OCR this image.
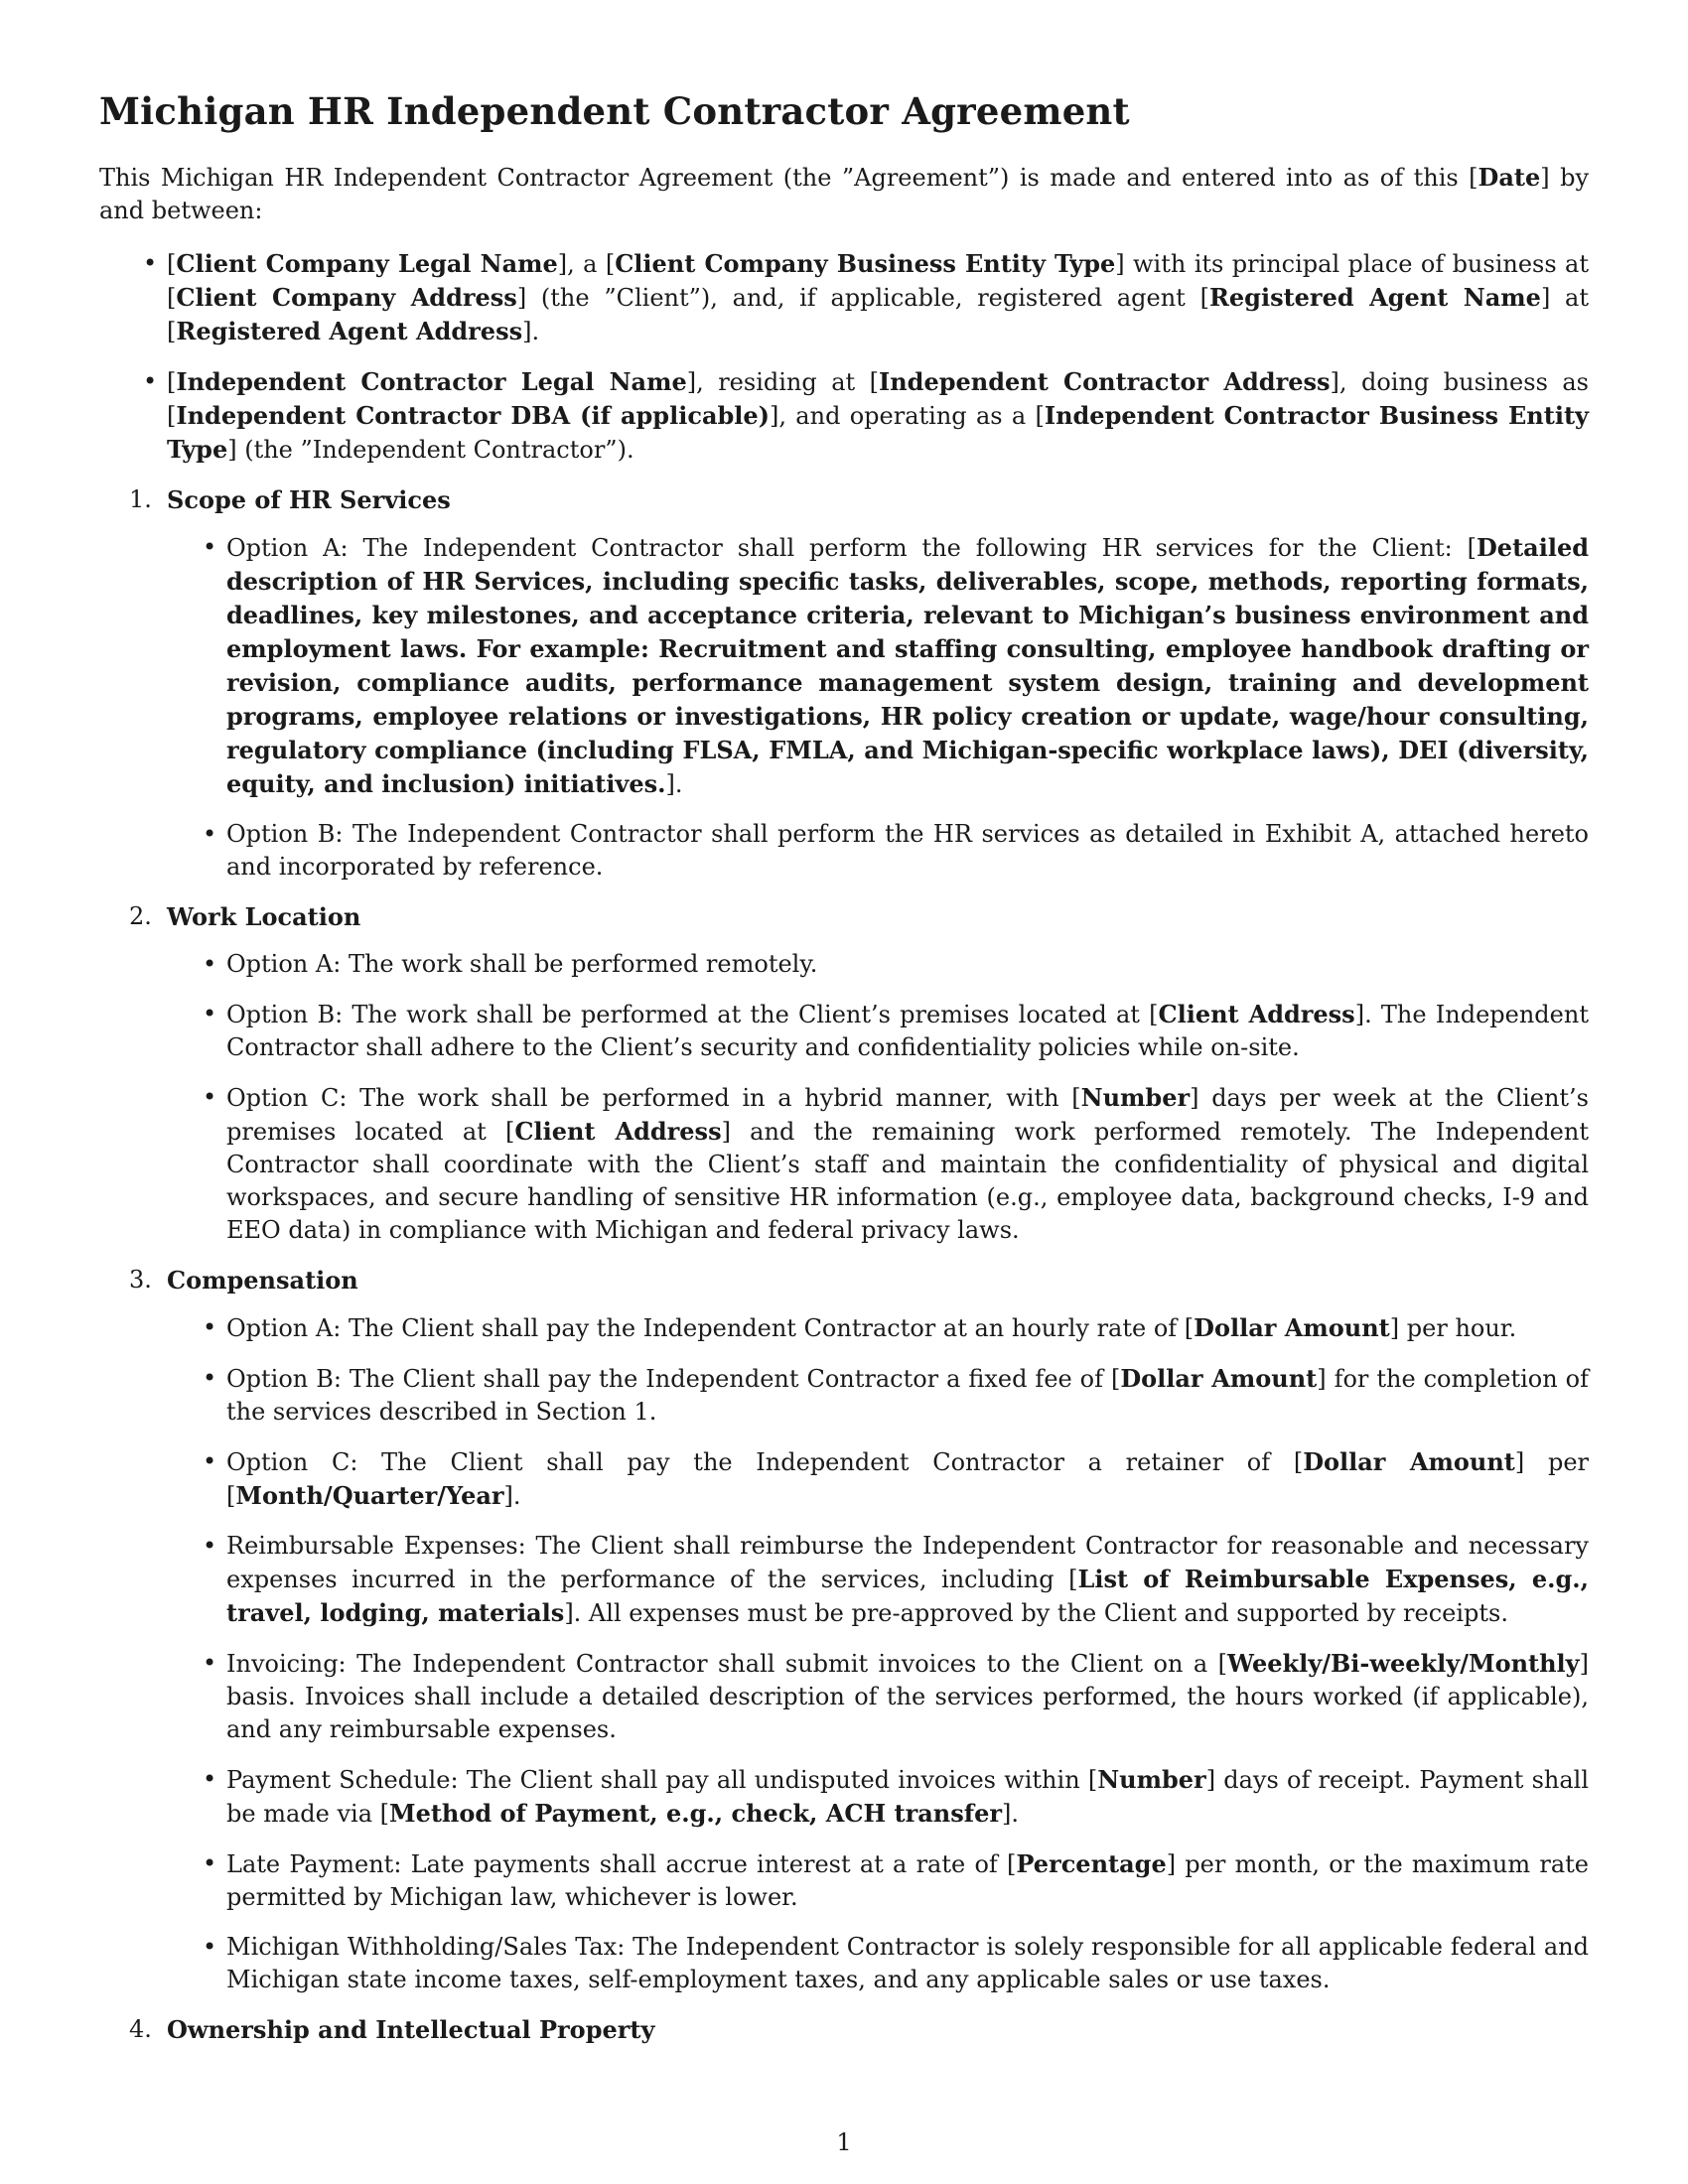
Michigan HR Independent Contractor Agreement

This Michigan HR Independent Contractor Agreement (the ”Agreement”) is made and entered into as of this [Date] by and between:

• [Client Company Legal Name], a [Client Company Business Entity Type] with its principal place of business at [Client Company Address] (the ”Client”), and, if applicable, registered agent [Registered Agent Name] at [Registered Agent Address].
• [Independent Contractor Legal Name], residing at [Independent Contractor Address], doing business as [Independent Contractor DBA (if applicable)], and operating as a [Independent Contractor Business Entity Type] (the ”Independent Contractor”).
1. Scope of HR Services
• Option A: The Independent Contractor shall perform the following HR services for the Client: [Detailed description of HR Services, including specific tasks, deliverables, scope, methods, reporting formats, deadlines, key milestones, and acceptance criteria, relevant to Michigan’s business environment and employment laws. For example: Recruitment and staffing consulting, employee handbook drafting or revision, compliance audits, performance management system design, training and development programs, employee relations or investigations, HR policy creation or update, wage/hour consulting, regulatory compliance (including FLSA, FMLA, and Michigan-specific workplace laws), DEI (diversity, equity, and inclusion) initiatives.].
• Option B: The Independent Contractor shall perform the HR services as detailed in Exhibit A, attached hereto and incorporated by reference.
2. Work Location
• Option A: The work shall be performed remotely.
• Option B: The work shall be performed at the Client’s premises located at [Client Address]. The Independent Contractor shall adhere to the Client’s security and confidentiality policies while on-site.
• Option C: The work shall be performed in a hybrid manner, with [Number] days per week at the Client’s premises located at [Client Address] and the remaining work performed remotely. The Independent Contractor shall coordinate with the Client’s staff and maintain the confidentiality of physical and digital workspaces, and secure handling of sensitive HR information (e.g., employee data, background checks, I-9 and EEO data) in compliance with Michigan and federal privacy laws.
3. Compensation
• Option A: The Client shall pay the Independent Contractor at an hourly rate of [Dollar Amount] per hour.
• Option B: The Client shall pay the Independent Contractor a fixed fee of [Dollar Amount] for the completion of the services described in Section 1.
• Option C: The Client shall pay the Independent Contractor a retainer of [Dollar Amount] per [Month/Quarter/Year].
• Reimbursable Expenses: The Client shall reimburse the Independent Contractor for reasonable and necessary expenses incurred in the performance of the services, including [List of Reimbursable Expenses, e.g., travel, lodging, materials]. All expenses must be pre-approved by the Client and supported by receipts.
• Invoicing: The Independent Contractor shall submit invoices to the Client on a [Weekly/Bi-weekly/Monthly] basis. Invoices shall include a detailed description of the services performed, the hours worked (if applicable), and any reimbursable expenses.
• Payment Schedule: The Client shall pay all undisputed invoices within [Number] days of receipt. Payment shall be made via [Method of Payment, e.g., check, ACH transfer].
• Late Payment: Late payments shall accrue interest at a rate of [Percentage] per month, or the maximum rate permitted by Michigan law, whichever is lower.
• Michigan Withholding/Sales Tax: The Independent Contractor is solely responsible for all applicable federal and Michigan state income taxes, self-employment taxes, and any applicable sales or use taxes.
4. Ownership and Intellectual Property
1
